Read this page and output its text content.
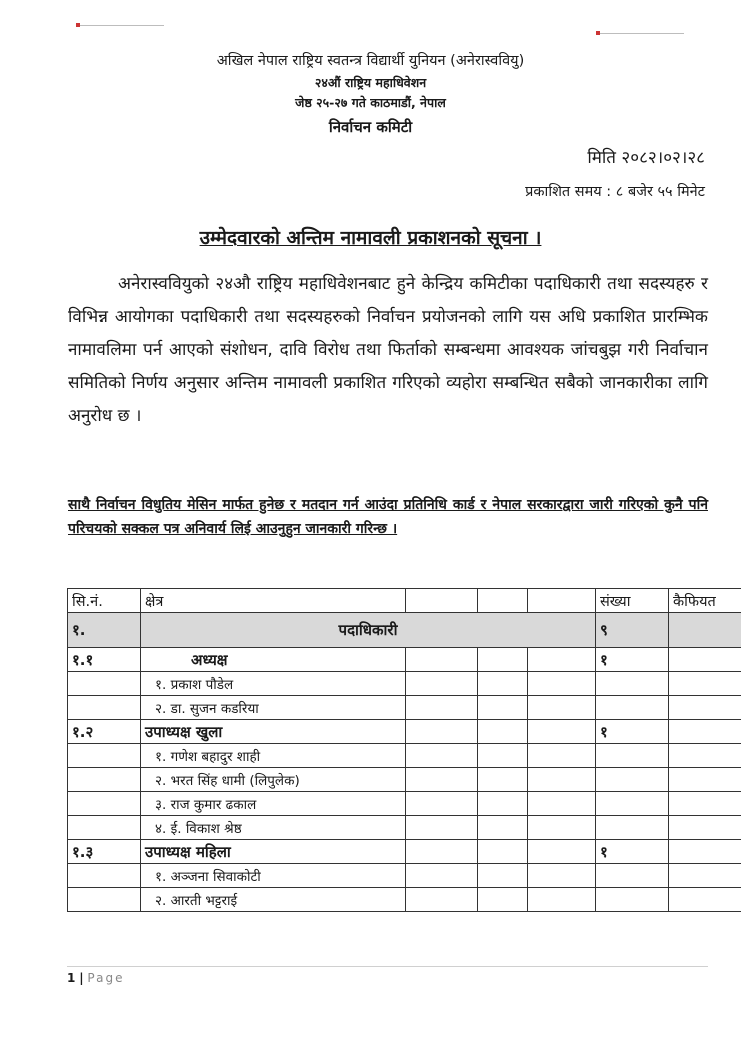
अखिल नेपाल राष्ट्रिय स्वतन्त्र विद्यार्थी युनियन (अनेरास्ववियु)
२४औं राष्ट्रिय महाधिवेशन
जेष्ठ २५-२७ गते काठमाडौं, नेपाल
निर्वाचन कमिटी
मिति २०८२।०२।२८
प्रकाशित समय : ८ बजेर ५५ मिनेट
उम्मेदवारको अन्तिम नामावली प्रकाशनको सूचना ।
अनेरास्ववियुको २४औ राष्ट्रिय महाधिवेशनबाट हुने केन्द्रिय कमिटीका पदाधिकारी तथा सदस्यहरु र विभिन्न आयोगका पदाधिकारी तथा सदस्यहरुको निर्वाचन प्रयोजनको लागि यस अधि प्रकाशित प्रारम्भिक नामावलिमा पर्न आएको संशोधन, दावि विरोध तथा फिर्ताको सम्बन्धमा आवश्यक जांचबुझ गरी निर्वाचान समितिको निर्णय अनुसार अन्तिम नामावली प्रकाशित गरिएको व्यहोरा सम्बन्धित सबैको जानकारीका लागि अनुरोध छ ।
साथै निर्वाचन विधुतिय मेसिन मार्फत हुनेछ र मतदान गर्न आउंदा प्रतिनिधि कार्ड र नेपाल सरकारद्वारा जारी गरिएको कुनै पनि परिचयको सक्कल पत्र अनिवार्य लिई आउनुहुन जानकारी गरिन्छ ।
सि.नं.	क्षेत्र				संख्या	कैफियत
१.	पदाधिकारी				९	
१.१	अध्यक्ष				१	
	१. प्रकाश पौडेल					
	२. डा. सुजन कडरिया					
१.२	उपाध्यक्ष खुला				१	
	१. गणेश बहादुर शाही					
	२. भरत सिंह धामी (लिपुलेक)					
	३. राज कुमार ढकाल					
	४. ई. विकाश श्रेष्ठ					
१.३	उपाध्यक्ष महिला				१	
	१. अञ्जना सिवाकोटी					
	२. आरती भट्टराई					
1 | Page
